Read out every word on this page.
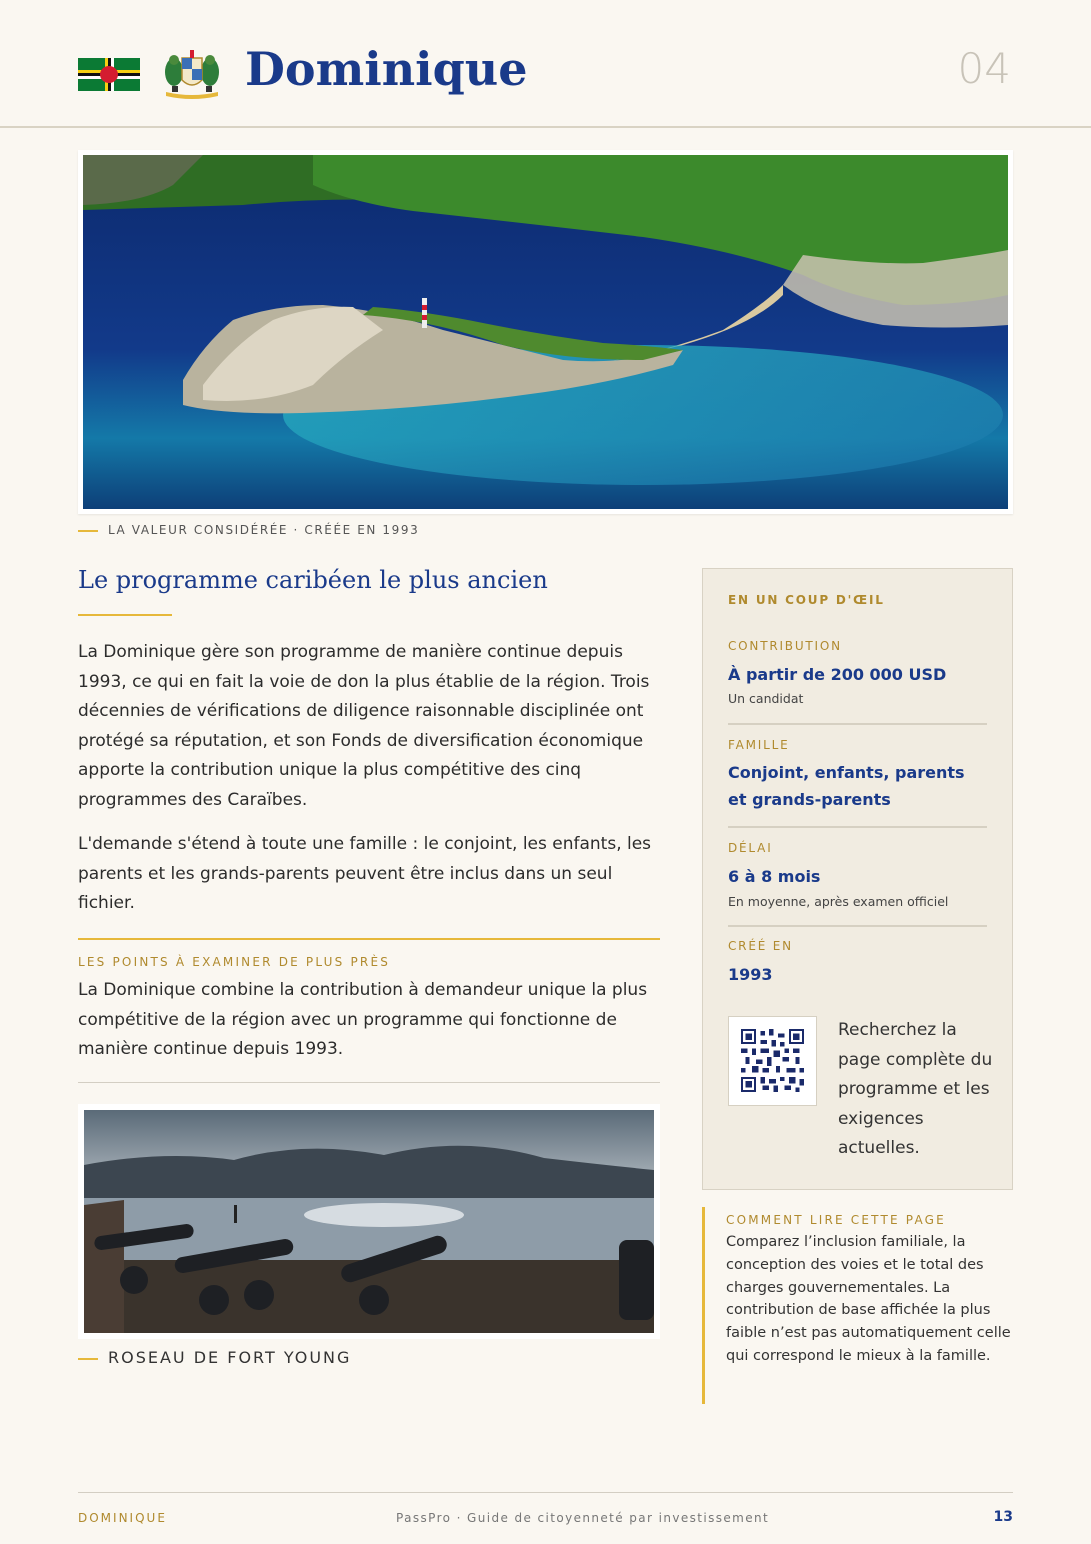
Dominique	04
LA VALEUR CONSIDÉRÉE · CRÉÉE EN 1993
Le programme caribéen le plus ancien
La Dominique gère son programme de manière continue depuis 1993, ce qui en fait la voie de don la plus établie de la région. Trois décennies de vérifications de diligence raisonnable disciplinée ont protégé sa réputation, et son Fonds de diversification économique apporte la contribution unique la plus compétitive des cinq programmes des Caraïbes.
L'demande s'étend à toute une famille : le conjoint, les enfants, les parents et les grands-parents peuvent être inclus dans un seul fichier.
LES POINTS À EXAMINER DE PLUS PRÈS
La Dominique combine la contribution à demandeur unique la plus compétitive de la région avec un programme qui fonctionne de manière continue depuis 1993.
ROSEAU DE FORT YOUNG
EN UN COUP D'ŒIL
CONTRIBUTION
À partir de 200 000 USD
Un candidat
FAMILLE
Conjoint, enfants, parents et grands-parents
DÉLAI
6 à 8 mois
En moyenne, après examen officiel
CRÉÉ EN
1993
Recherchez la page complète du programme et les exigences actuelles.
COMMENT LIRE CETTE PAGE
Comparez l’inclusion familiale, la conception des voies et le total des charges gouvernementales. La contribution de base affichée la plus faible n’est pas automatiquement celle qui correspond le mieux à la famille.
DOMINIQUE	PassPro · Guide de citoyenneté par investissement	13
